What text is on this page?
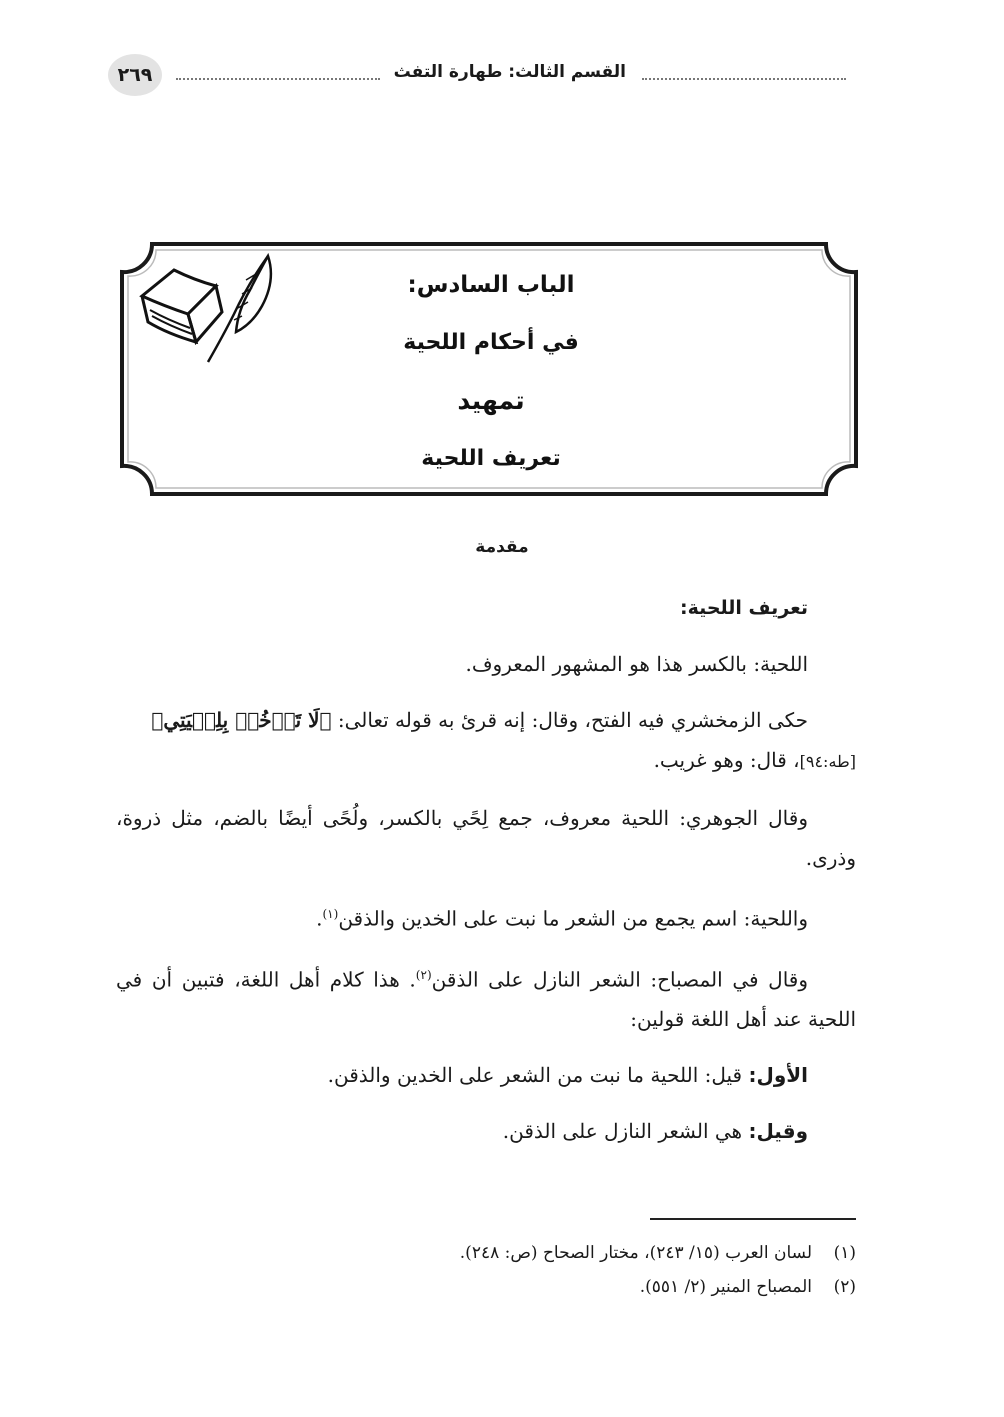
٢٦٩	القسم الثالث: طهارة التفث
الباب السادس:
في أحكام اللحية
تمهيد
تعريف اللحية
مقدمة
تعريف اللحية:
اللحية: بالكسر هذا هو المشهور المعروف.
حكى الزمخشري فيه الفتح، وقال: إنه قرئ به قوله تعالى: ﴿لَا تَأۡخُذۡ بِلِحۡيَتِي﴾
[طه:٩٤]، قال: وهو غريب.
وقال الجوهري: اللحية معروف، جمع لِحًي بالكسر، ولُحًى أيضًا بالضم، مثل ذروة، وذرى.
واللحية: اسم يجمع من الشعر ما نبت على الخدين والذقن$^{(١)}$.
وقال في المصباح: الشعر النازل على الذقن$^{(٢)}$. هذا كلام أهل اللغة، فتبين أن في اللحية عند أهل اللغة قولين:
الأول: قيل: اللحية ما نبت من الشعر على الخدين والذقن.
وقيل: هي الشعر النازل على الذقن.
(١)لسان العرب (١٥/ ٢٤٣)، مختار الصحاح (ص: ٢٤٨).
(٢)المصباح المنير (٢/ ٥٥١).
